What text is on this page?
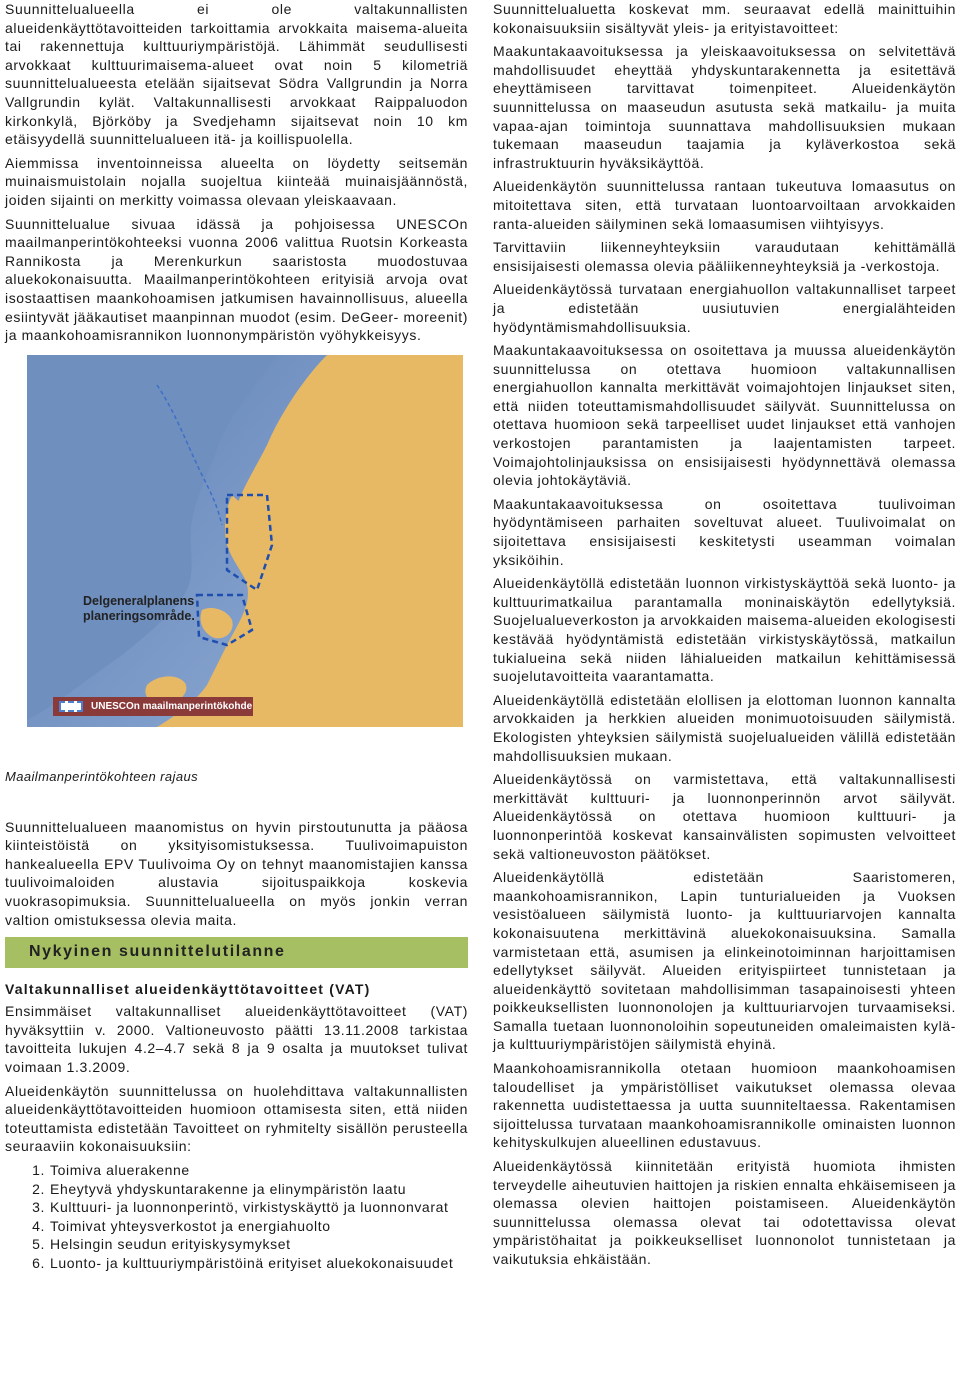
Suunnittelualueella ei ole valtakunnallisten alueidenkäyttötavoitteiden tarkoittamia arvokkaita maisema-alueita tai rakennettuja kulttuuriympäristöjä. Lähimmät seudullisesti arvokkaat kulttuurimaisema-alueet ovat noin 5 kilometriä suunnittelualueesta etelään sijaitsevat Södra Vallgrundin ja Norra Vallgrundin kylät. Valtakunnallisesti arvokkaat Raippaluodon kirkonkylä, Björköby ja Svedjehamn sijaitsevat noin 10 km etäisyydellä suunnittelualueen itä- ja koillispuolella.

Aiemmissa inventoinneissa alueelta on löydetty seitsemän muinaismuistolain nojalla suojeltua kiinteää muinaisjäännöstä, joiden sijainti on merkitty voimassa olevaan yleiskaavaan.

Suunnittelualue sivuaa idässä ja pohjoisessa UNESCOn maailmanperintökohteeksi vuonna 2006 valittua Ruotsin Korkeasta Rannikosta ja Merenkurkun saaristosta muodostuvaa aluekokonaisuutta. Maailmanperintökohteen erityisiä arvoja ovat isostaattisen maankohoamisen jatkumisen havainnollisuus, alueella esiintyvät jääkautiset maanpinnan muodot (esim. DeGeer- moreenit) ja maankohoamisrannikon luonnonympäristön vyöhykkeisyys.

Delgeneralplanens
planeringsområde.
UNESCOn maailmanperintökohde
Maailmanperintökohteen rajaus

Suunnittelualueen maanomistus on hyvin pirstoutunutta ja pääosa kiinteistöistä on yksityisomistuksessa. Tuulivoimapuiston hankealueella EPV Tuulivoima Oy on tehnyt maanomistajien kanssa tuulivoimaloiden alustavia sijoituspaikkoja koskevia vuokrasopimuksia. Suunnittelualueella on myös jonkin verran valtion omistuksessa olevia maita.

Nykyinen suunnittelutilanne
Valtakunnalliset alueidenkäyttötavoitteet (VAT)

Ensimmäiset valtakunnalliset alueidenkäyttötavoitteet (VAT) hyväksyttiin v. 2000. Valtioneuvosto päätti 13.11.2008 tarkistaa tavoitteita lukujen 4.2–4.7 sekä 8 ja 9 osalta ja muutokset tulivat voimaan 1.3.2009.

Alueidenkäytön suunnittelussa on huolehdittava valtakunnallisten alueidenkäyttötavoitteiden huomioon ottamisesta siten, että niiden toteuttamista edistetään Tavoitteet on ryhmitelty sisällön perusteella seuraaviin kokonaisuuksiin:

1. Toimiva aluerakenne
2. Eheytyvä yhdyskuntarakenne ja elinympäristön laatu
3. Kulttuuri- ja luonnonperintö, virkistyskäyttö ja luonnonvarat
4. Toimivat yhteysverkostot ja energiahuolto
5. Helsingin seudun erityiskysymykset
6. Luonto- ja kulttuuriympäristöinä erityiset aluekokonaisuudet

Suunnittelualuetta koskevat mm. seuraavat edellä mainittuihin kokonaisuuksiin sisältyvät yleis- ja erityistavoitteet:

Maakuntakaavoituksessa ja yleiskaavoituksessa on selvitettävä mahdollisuudet eheyttää yhdyskuntarakennetta ja esitettävä eheyttämiseen tarvittavat toimenpiteet. Alueidenkäytön suunnittelussa on maaseudun asutusta sekä matkailu- ja muita vapaa-ajan toimintoja suunnattava mahdollisuuksien mukaan tukemaan maaseudun taajamia ja kyläverkostoa sekä infrastruktuurin hyväksikäyttöä.

Alueidenkäytön suunnittelussa rantaan tukeutuva lomaasutus on mitoitettava siten, että turvataan luontoarvoiltaan arvokkaiden ranta-alueiden säilyminen sekä lomaasumisen viihtyisyys.

Tarvittaviin liikenneyhteyksiin varaudutaan kehittämällä ensisijaisesti olemassa olevia pääliikenneyhteyksiä ja -verkostoja.

Alueidenkäytössä turvataan energiahuollon valtakunnalliset tarpeet ja edistetään uusiutuvien energialähteiden hyödyntämismahdollisuuksia.

Maakuntakaavoituksessa on osoitettava ja muussa alueidenkäytön suunnittelussa on otettava huomioon valtakunnallisen energiahuollon kannalta merkittävät voimajohtojen linjaukset siten, että niiden toteuttamismahdollisuudet säilyvät. Suunnittelussa on otettava huomioon sekä tarpeelliset uudet linjaukset että vanhojen verkostojen parantamisten ja laajentamisten tarpeet. Voimajohtolinjauksissa on ensisijaisesti hyödynnettävä olemassa olevia johtokäytäviä.

Maakuntakaavoituksessa on osoitettava tuulivoiman hyödyntämiseen parhaiten soveltuvat alueet. Tuulivoimalat on sijoitettava ensisijaisesti keskitetysti useamman voimalan yksiköihin.

Alueidenkäytöllä edistetään luonnon virkistyskäyttöä sekä luonto- ja kulttuurimatkailua parantamalla moninaiskäytön edellytyksiä. Suojelualueverkoston ja arvokkaiden maisema-alueiden ekologisesti kestävää hyödyntämistä edistetään virkistyskäytössä, matkailun tukialueina sekä niiden lähialueiden matkailun kehittämisessä suojelutavoitteita vaarantamatta.

Alueidenkäytöllä edistetään elollisen ja elottoman luonnon kannalta arvokkaiden ja herkkien alueiden monimuotoisuuden säilymistä. Ekologisten yhteyksien säilymistä suojelualueiden välillä edistetään mahdollisuuksien mukaan.

Alueidenkäytössä on varmistettava, että valtakunnallisesti merkittävät kulttuuri- ja luonnonperinnön arvot säilyvät. Alueidenkäytössä on otettava huomioon kulttuuri- ja luonnonperintöä koskevat kansainvälisten sopimusten velvoitteet sekä valtioneuvoston päätökset.

Alueidenkäytöllä edistetään Saaristomeren, maankohoamisrannikon, Lapin tunturialueiden ja Vuoksen vesistöalueen säilymistä luonto- ja kulttuuriarvojen kannalta kokonaisuutena merkittävinä aluekokonaisuuksina. Samalla varmistetaan että, asumisen ja elinkeinotoiminnan harjoittamisen edellytykset säilyvät. Alueiden erityispiirteet tunnistetaan ja alueidenkäyttö sovitetaan mahdollisimman tasapainoisesti yhteen poikkeuksellisten luonnonolojen ja kulttuuriarvojen turvaamiseksi. Samalla tuetaan luonnonoloihin sopeutuneiden omaleimaisten kylä- ja kulttuuriympäristöjen säilymistä ehyinä.

Maankohoamisrannikolla otetaan huomioon maankohoamisen taloudelliset ja ympäristölliset vaikutukset olemassa olevaa rakennetta uudistettaessa ja uutta suunniteltaessa. Rakentamisen sijoittelussa turvataan maankohoamisrannikolle ominaisten luonnon kehityskulkujen alueellinen edustavuus.

Alueidenkäytössä kiinnitetään erityistä huomiota ihmisten terveydelle aiheutuvien haittojen ja riskien ennalta ehkäisemiseen ja olemassa olevien haittojen poistamiseen. Alueidenkäytön suunnittelussa olemassa olevat tai odotettavissa olevat ympäristöhaitat ja poikkeukselliset luonnonolot tunnistetaan ja vaikutuksia ehkäistään.
